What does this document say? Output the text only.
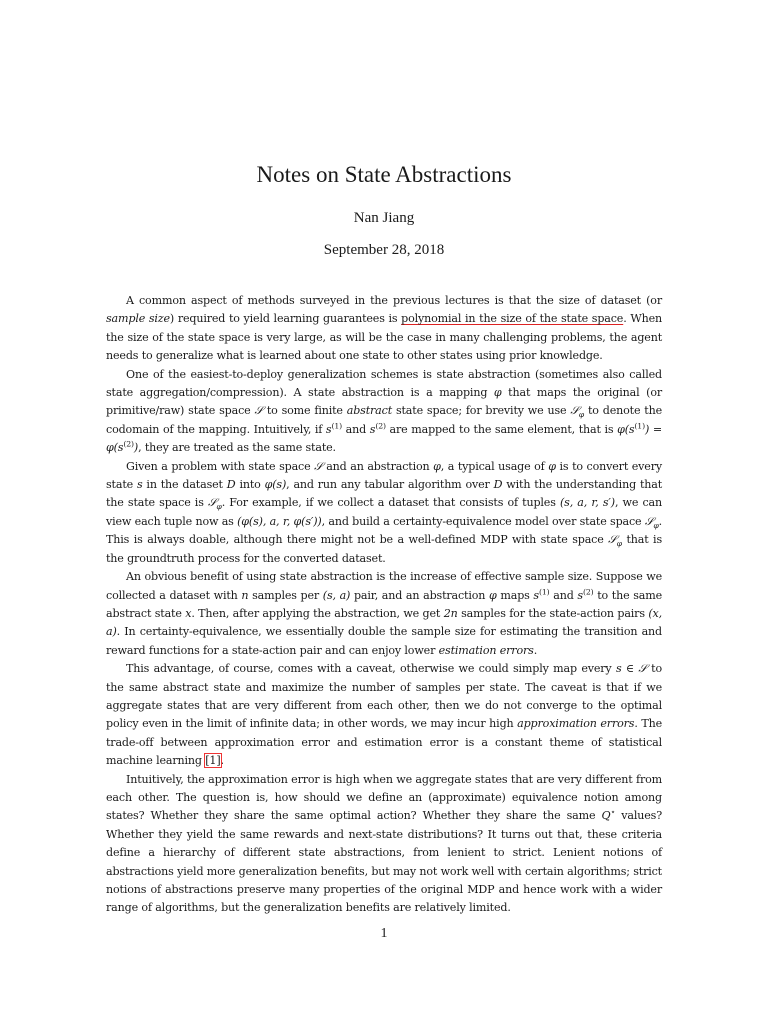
Notes on State Abstractions
Nan Jiang
September 28, 2018

A common aspect of methods surveyed in the previous lectures is that the size of dataset (or sample size) required to yield learning guarantees is polynomial in the size of the state space. When the size of the state space is very large, as will be the case in many challenging problems, the agent needs to generalize what is learned about one state to other states using prior knowledge.

One of the easiest-to-deploy generalization schemes is state abstraction (sometimes also called state aggregation/compression). A state abstraction is a mapping φ that maps the original (or primitive/raw) state space 𝒮 to some finite abstract state space; for brevity we use 𝒮$_\varphi$ to denote the codomain of the mapping. Intuitively, if $s^{(1)}$ and $s^{(2)}$ are mapped to the same element, that is $\varphi(s^{(1)}) = \varphi(s^{(2)})$, they are treated as the same state.

Given a problem with state space 𝒮 and an abstraction φ, a typical usage of φ is to convert every state s in the dataset D into φ(s), and run any tabular algorithm over D with the understanding that the state space is 𝒮$_\varphi$. For example, if we collect a dataset that consists of tuples (s, a, r, s′), we can view each tuple now as (φ(s), a, r, φ(s′)), and build a certainty-equivalence model over state space 𝒮$_\varphi$. This is always doable, although there might not be a well-defined MDP with state space 𝒮$_\varphi$ that is the groundtruth process for the converted dataset.

An obvious benefit of using state abstraction is the increase of effective sample size. Suppose we collected a dataset with n samples per (s, a) pair, and an abstraction φ maps $s^{(1)}$ and $s^{(2)}$ to the same abstract state x. Then, after applying the abstraction, we get 2n samples for the state-action pairs (x, a). In certainty-equivalence, we essentially double the sample size for estimating the transition and reward functions for a state-action pair and can enjoy lower estimation errors.

This advantage, of course, comes with a caveat, otherwise we could simply map every s ∈ 𝒮 to the same abstract state and maximize the number of samples per state. The caveat is that if we aggregate states that are very different from each other, then we do not converge to the optimal policy even in the limit of infinite data; in other words, we may incur high approximation errors. The trade-off between approximation error and estimation error is a constant theme of statistical machine learning [1].

Intuitively, the approximation error is high when we aggregate states that are very different from each other. The question is, how should we define an (approximate) equivalence notion among states? Whether they share the same optimal action? Whether they share the same Q⋆ values? Whether they yield the same rewards and next-state distributions? It turns out that, these criteria define a hierarchy of different state abstractions, from lenient to strict. Lenient notions of abstractions yield more generalization benefits, but may not work well with certain algorithms; strict notions of abstractions preserve many properties of the original MDP and hence work with a wider range of algorithms, but the generalization benefits are relatively limited.

1
